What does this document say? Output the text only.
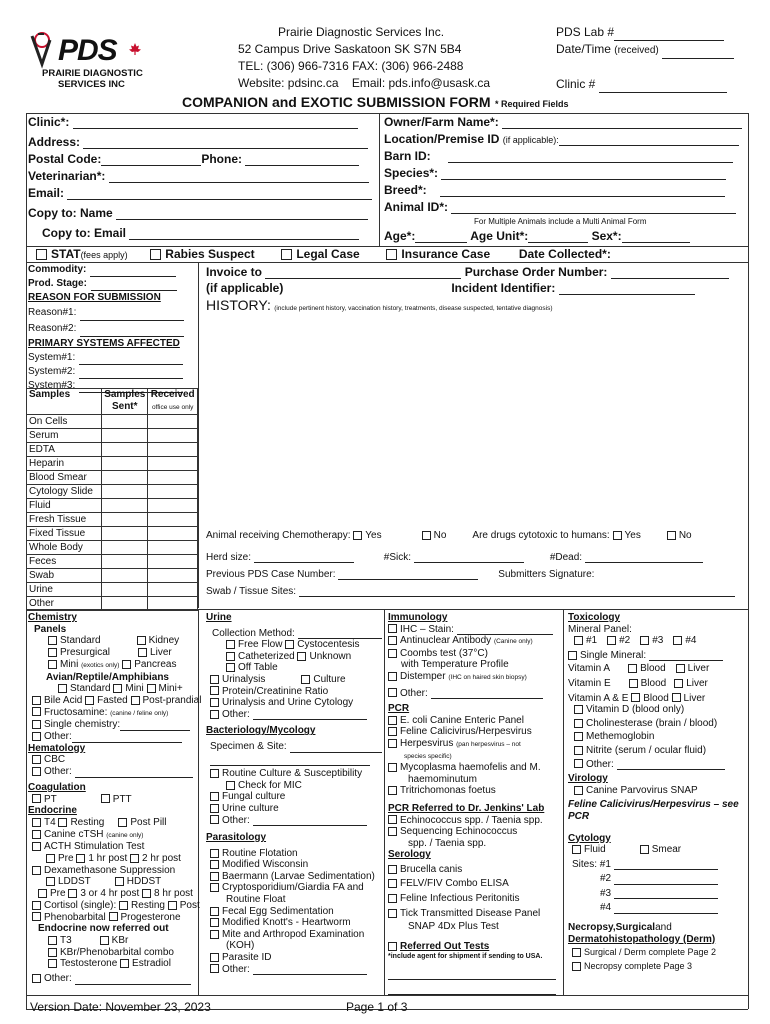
PDS
PRAIRIE DIAGNOSTIC
SERVICES INC
Prairie Diagnostic Services Inc.
52 Campus Drive Saskatoon SK S7N 5B4
TEL: (306) 966-7316 FAX: (306) 966-2488
Website: pdsinc.ca    Email: pds.info@usask.ca
PDS Lab #
Date/Time (received)
Clinic #
COMPANION and EXOTIC SUBMISSION FORM * Required Fields
Clinic*:
Address:
Postal Code:	Phone:
Veterinarian*:
Email:
Copy to: Name
Copy to: Email
Owner/Farm Name*:
Location/Premise ID (if applicable):
Barn ID:
Species*:
Breed*:
Animal ID*:
For Multiple Animals include a Multi Animal Form
Age*:	Age Unit*:	Sex*:
STAT(fees apply)	Rabies Suspect	Legal Case	Insurance Case Date Collected*:
Commodity:
Prod. Stage:
REASON FOR SUBMISSION
Reason#1:
Reason#2:
PRIMARY SYSTEMS AFFECTED
System#1:
System#2:
System#3:
Samples	Samples
Sent*	Received
office use only
On Cells		
Serum		
EDTA		
Heparin		
Blood Smear		
Cytology Slide		
Fluid		
Fresh Tissue		
Fixed Tissue		
Whole Body		
Feces		
Swab		
Urine		
Other		
Invoice to	Purchase Order Number:
(if applicable)	Incident Identifier:
HISTORY: (include pertinent history, vaccination history, treatments, disease suspected, tentative diagnosis)
Animal receiving Chemotherapy: Yes	No	Are drugs cytotoxic to humans: Yes	No
Herd size:	#Sick:	#Dead:
Previous PDS Case Number:	Submitters Signature:
Swab / Tissue Sites:
Chemistry
Panels
Standard	Kidney
Presurgical	Liver
Mini (exotics only) Pancreas
Avian/Reptile/Amphibians
Standard Mini Mini+
Bile Acid Fasted Post-prandial
Fructosamine: (canine / feline only)
Single chemistry:
Other:
Hematology
CBC
Other:
Coagulation
PT	PTT
Endocrine
T4 Resting	Post Pill
Canine cTSH (canine only)
ACTH Stimulation Test
Pre 1 hr post 2 hr post
Dexamethasone Suppression
LDDST	HDDST
Pre 3 or 4 hr post 8 hr post
Cortisol (single): Resting Post
Phenobarbital Progesterone
Endocrine now referred out
T3	KBr
KBr/Phenobarbital combo
Testosterone Estradiol
Other:
Urine
Collection Method:
Free Flow Cystocentesis
Catheterized Unknown
Off Table
Urinalysis	Culture
Protein/Creatinine Ratio
Urinalysis and Urine Cytology
Other:
Bacteriology/Mycology
Specimen & Site:
Routine Culture & Susceptibility
Check for MIC
Fungal culture
Urine culture
Other:
Parasitology
Routine Flotation
Modified Wisconsin
Baermann (Larvae Sedimentation)
Cryptosporidium/Giardia FA and
Routine Float
Fecal Egg Sedimentation
Modified Knott's - Heartworm
Mite and Arthropod Examination
(KOH)
Parasite ID
Other:
Immunology
IHC – Stain:
Antinuclear Antibody (Canine only)
Coombs test (37°C)
with Temperature Profile
Distemper (IHC on haired skin biopsy)
Other:
PCR
E. coli Canine Enteric Panel
Feline Calicivirus/Herpesvirus
Herpesvirus (pan herpesvirus – not
species specific)
Mycoplasma haemofelis and M.
haemominutum
Tritrichomonas foetus
PCR Referred to Dr. Jenkins' Lab
Echinococcus spp. / Taenia spp.
Sequencing Echinococcus
spp. / Taenia spp.
Serology
Brucella canis
FELV/FIV Combo ELISA
Feline Infectious Peritonitis
Tick Transmitted Disease Panel
SNAP 4Dx Plus Test
Referred Out Tests
*include agent for shipment if sending to USA.
Toxicology
Mineral Panel:
#1 #2 #3 #4
Single Mineral:
Vitamin A	Blood Liver
Vitamin E	Blood Liver
Vitamin A & E Blood Liver
Vitamin D (blood only)
Cholinesterase (brain / blood)
Methemoglobin
Nitrite (serum / ocular fluid)
Other:
Virology
Canine Parvovirus SNAP
Feline Calicivirus/Herpesvirus – see
PCR
Cytology
Fluid	Smear
Sites: #1
#2
#3
#4
Necropsy,Surgicaland
Dermatohistopathology (Derm)
Surgical / Derm complete Page 2
Necropsy complete Page 3
Version Date: November 23, 2023	Page 1 of 3
